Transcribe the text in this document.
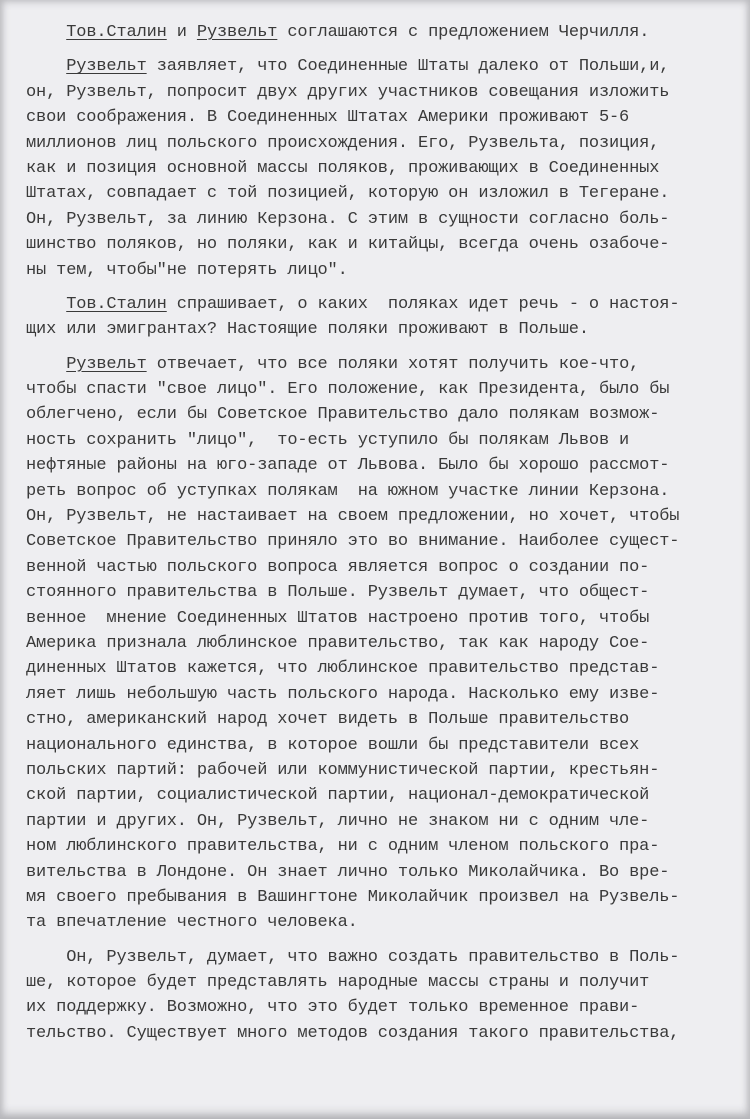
Тов.Сталин и Рузвельт соглашаются с предложением Черчилля.
Рузвельт заявляет, что Соединенные Штаты далеко от Польши,и,
он, Рузвельт, попросит двух других участников совещания изложить
свои соображения. В Соединенных Штатах Америки проживают 5-6
миллионов лиц польского происхождения. Его, Рузвельта, позиция,
как и позиция основной массы поляков, проживающих в Соединенных
Штатах, совпадает с той позицией, которую он изложил в Тегеране.
Он, Рузвельт, за линию Керзона. С этим в сущности согласно боль-
шинство поляков, но поляки, как и китайцы, всегда очень озабоче-
ны тем, чтобы"не потерять лицо".
Тов.Сталин спрашивает, о каких  поляках идет речь - о настоя-
щих или эмигрантах? Настоящие поляки проживают в Польше.
Рузвельт отвечает, что все поляки хотят получить кое-что,
чтобы спасти "свое лицо". Его положение, как Президента, было бы
облегчено, если бы Советское Правительство дало полякам возмож-
ность сохранить "лицо",  то-есть уступило бы полякам Львов и
нефтяные районы на юго-западе от Львова. Было бы хорошо рассмот-
реть вопрос об уступках полякам  на южном участке линии Керзона.
Он, Рузвельт, не настаивает на своем предложении, но хочет, чтобы
Советское Правительство приняло это во внимание. Наиболее сущест-
венной частью польского вопроса является вопрос о создании по-
стоянного правительства в Польше. Рузвельт думает, что общест-
венное  мнение Соединенных Штатов настроено против того, чтобы
Америка признала люблинское правительство, так как народу Сое-
диненных Штатов кажется, что люблинское правительство представ-
ляет лишь небольшую часть польского народа. Насколько ему изве-
стно, американский народ хочет видеть в Польше правительство
национального единства, в которое вошли бы представители всех
польских партий: рабочей или коммунистической партии, крестьян-
ской партии, социалистической партии, национал-демократической
партии и других. Он, Рузвельт, лично не знаком ни с одним чле-
ном люблинского правительства, ни с одним членом польского пра-
вительства в Лондоне. Он знает лично только Миколайчика. Во вре-
мя своего пребывания в Вашингтоне Миколайчик произвел на Рузвель-
та впечатление честного человека.
Он, Рузвельт, думает, что важно создать правительство в Поль-
ше, которое будет представлять народные массы страны и получит
их поддержку. Возможно, что это будет только временное прави-
тельство. Существует много методов создания такого правительства,
